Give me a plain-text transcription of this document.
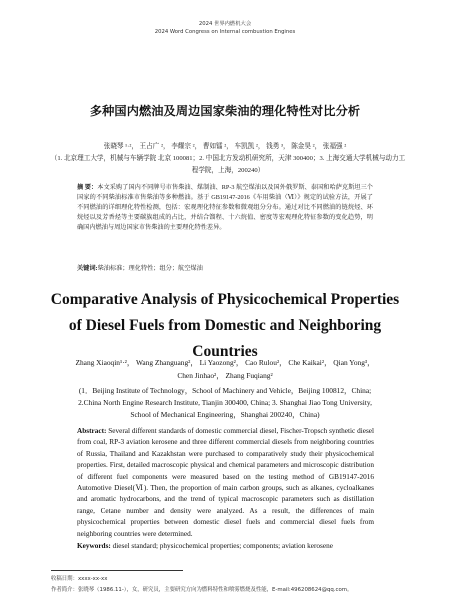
2024 世界内燃机大会
2024 Word Congress on Internal combustion Engines
多种国内燃油及周边国家柴油的理化特性对比分析
张晓琴 ¹·²， 王占广 ²， 李耀宗 ²， 曹如镭 ²， 车凯凯 ²， 钱勇 ³， 陈金昊 ²， 张福强 ²
（1. 北京理工大学，机械与车辆学院 北京 100081；2. 中国北方发动机研究所，天津 300400；3. 上海交通大学机械与动力工程学院，上海，200240）
摘 要：本文采购了国内不同牌号市售柴油、煤制油、RP-3 航空煤油以及国外俄罗斯、泰国和哈萨克斯坦三个国家的不同柴油标准市售柴油等多种燃油。基于 GB19147-2016《车用柴油（Ⅵ）》规定的试验方法，开展了不同燃油的详细理化特性检测，包括：宏观理化特征参数和微观组分分布。通过对比不同燃油的链烷烃、环烷烃以及芳香烃等主要碳族组成的占比，并结合馏程、十六烷值、密度等宏观理化特征参数的变化趋势，明确国内燃油与周边国家市售柴油的主要理化特性差异。
关键词:柴油标准；理化特性；组分；航空煤油
Comparative Analysis of Physicochemical Properties
of Diesel Fuels from Domestic and Neighboring
Countries
Zhang Xiaoqin¹·²， Wang Zhanguang²， Li Yaozong²， Cao Rulou²， Che Kaikai²， Qian Yong³，
Chen Jinhao²， Zhang Fuqiang²
(1．Beijing Institute of Technology，School of Machinery and Vehicle，Beijing 100812，China;
2.China North Engine Research Institute, Tianjin 300400, China; 3. Shanghai Jiao Tong University,
School of Mechanical Engineering，Shanghai 200240，China)
Abstract: Several different standards of domestic commercial diesel, Fischer-Tropsch synthetic diesel from coal, RP-3 aviation kerosene and three different commercial diesels from neighboring countries of Russia, Thailand and Kazakhstan were purchased to comparatively study their physicochemical properties. First, detailed macroscopic physical and chemical parameters and microscopic distribution of different fuel components were measured based on the testing method of GB19147-2016 Automotive Diesel(Ⅵ). Then, the proportion of main carbon groups, such as alkanes, cycloalkanes and aromatic hydrocarbons, and the trend of typical macroscopic parameters such as distillation range, Cetane number and density were analyzed. As a result, the differences of main physicochemical properties between domestic diesel fuels and commercial diesel fuels from neighboring countries were determined.
Keywords: diesel standard; physicochemical properties; components; aviation kerosene
收稿日期：xxxx-xx-xx
作者简介：张晓琴（1986.11-），女，研究员，主要研究方向为燃料特性和喷雾燃烧及性能，E-mail:496208624@qq.com。
